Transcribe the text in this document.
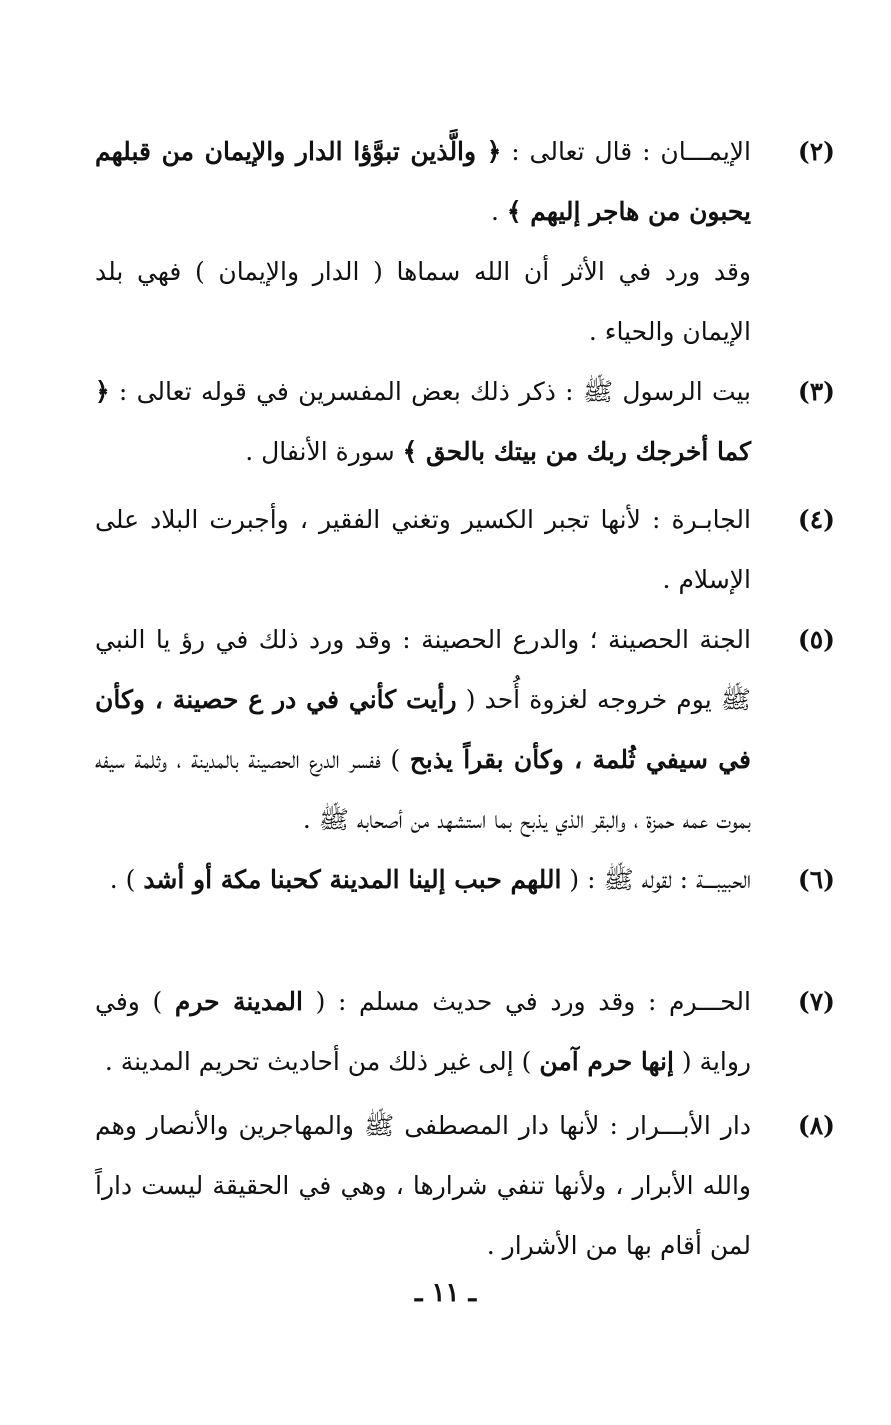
(٢)
الإيمـــان : قال تعالى : ﴿ والَّذين تبوَّؤا الدار والإيمان من قبلهم يحبون من هاجر إليهم ﴾ .
وقد ورد في الأثر أن الله سماها ( الدار والإيمان ) فهي بلد الإيمان والحياء .
(٣)
بيت الرسول ﷺ : ذكر ذلك بعض المفسرين في قوله تعالى : ﴿ كما أخرجك ربك من بيتك بالحق ﴾ سورة الأنفال .
(٤)
الجابـرة : لأنها تجبر الكسير وتغني الفقير ، وأجبرت البلاد على الإسلام .
(٥)
الجنة الحصينة ؛ والدرع الحصينة : وقد ورد ذلك في رؤ يا النبي ﷺ يوم خروجه لغزوة أُحد ( رأيت كأني في در ع حصينة ، وكأن في سيفي ثُلمة ، وكأن بقراً يذبح ) ففسر الدرع الحصينة بالمدينة ، وثلمة سيفه بموت عمه حمزة ، والبقر الذي يذبح بما استشهد من أصحابه ﷺ .
(٦)
الحبيبــــة : لقوله ﷺ : ( اللهم حبب إلينا المدينة كحبنا مكة أو أشد ) .
(٧)
الحـــرم : وقد ورد في حديث مسلم : ( المدينة حرم ) وفي رواية ( إنها حرم آمن ) إلى غير ذلك من أحاديث تحريم المدينة .
(٨)
دار الأبـــرار : لأنها دار المصطفى ﷺ والمهاجرين والأنصار وهم والله الأبرار ، ولأنها تنفي شرارها ، وهي في الحقيقة ليست داراً لمن أقام بها من الأشرار .
ـ ١١ ـ
